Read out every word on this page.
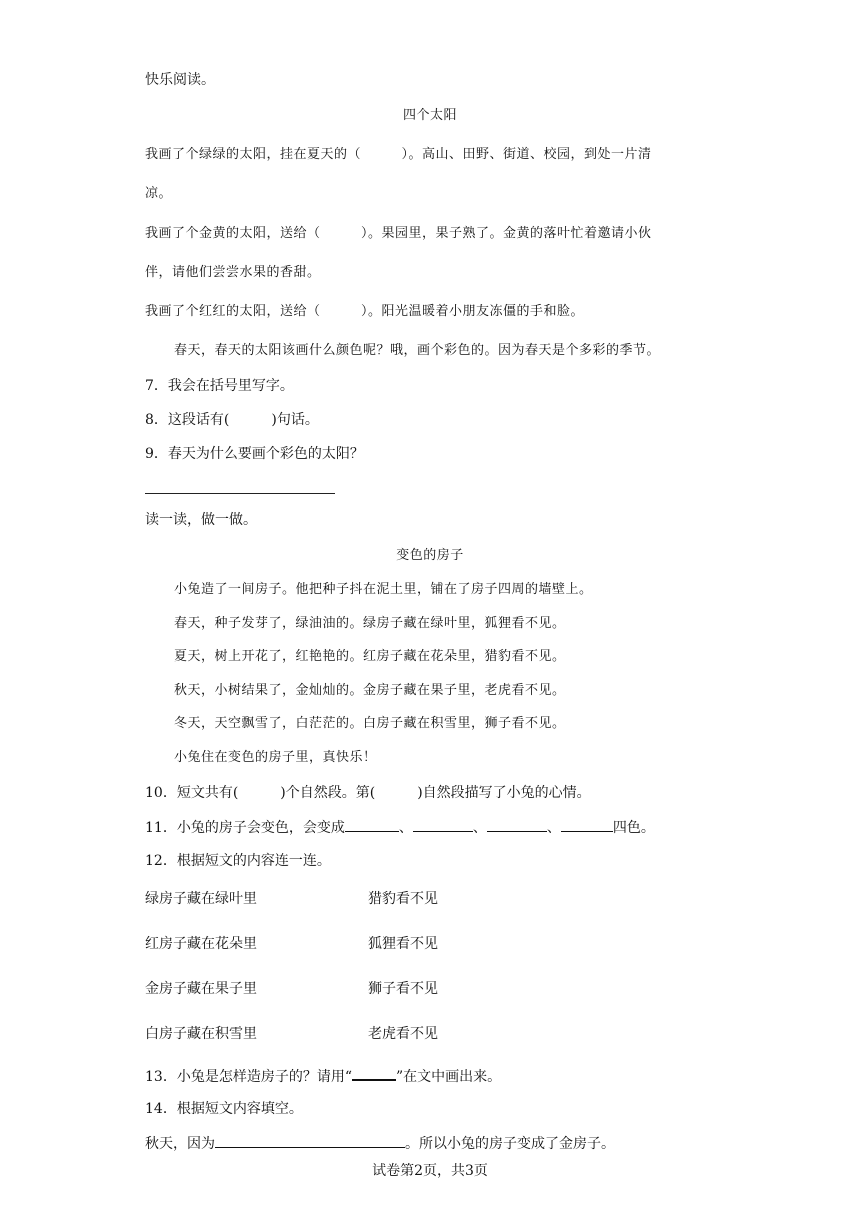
快乐阅读。
四个太阳
我画了个绿绿的太阳，挂在夏天的（　　　）。高山、田野、街道、校园，到处一片清
凉。
我画了个金黄的太阳，送给（　　　）。果园里，果子熟了。金黄的落叶忙着邀请小伙
伴，请他们尝尝水果的香甜。
我画了个红红的太阳，送给（　　　）。阳光温暖着小朋友冻僵的手和脸。
春天，春天的太阳该画什么颜色呢？哦，画个彩色的。因为春天是个多彩的季节。
7．我会在括号里写字。
8．这段话有(　　　)句话。
9．春天为什么要画个彩色的太阳？
读一读，做一做。
变色的房子
小兔造了一间房子。他把种子抖在泥土里，铺在了房子四周的墙壁上。
春天，种子发芽了，绿油油的。绿房子藏在绿叶里，狐狸看不见。
夏天，树上开花了，红艳艳的。红房子藏在花朵里，猎豹看不见。
秋天，小树结果了，金灿灿的。金房子藏在果子里，老虎看不见。
冬天，天空飘雪了，白茫茫的。白房子藏在积雪里，狮子看不见。
小兔住在变色的房子里，真快乐！
10．短文共有(　　　)个自然段。第(　　　)自然段描写了小兔的心情。
11．小兔的房子会变色，会变成	、	、	、	四色。
12．根据短文的内容连一连。
绿房子藏在绿叶里	猎豹看不见
红房子藏在花朵里	狐狸看不见
金房子藏在果子里	狮子看不见
白房子藏在积雪里	老虎看不见
13．小兔是怎样造房子的？请用“	”在文中画出来。
14．根据短文内容填空。
秋天，因为	。所以小兔的房子变成了金房子。
试卷第2页，共3页
